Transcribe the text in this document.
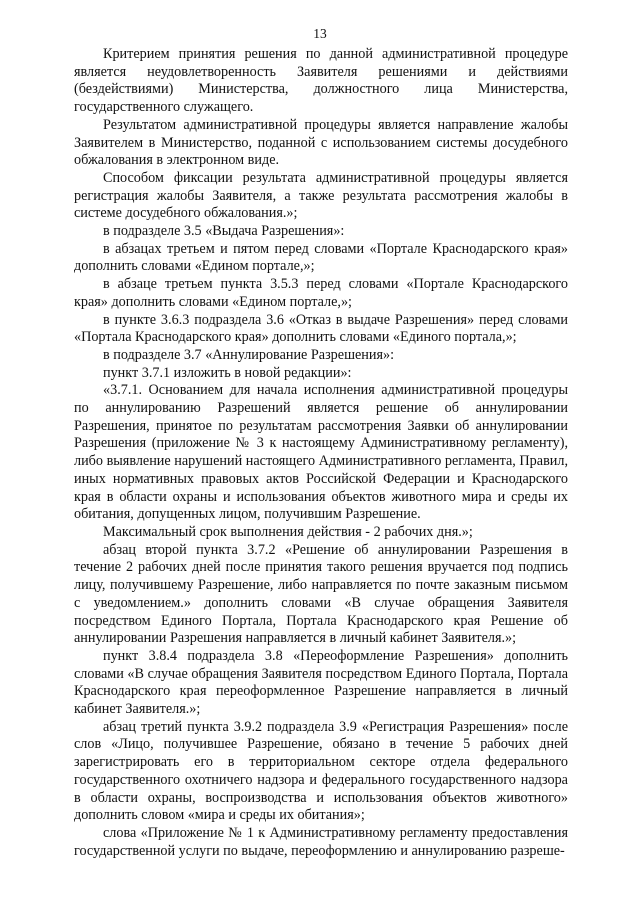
13

Критерием принятия решения по данной административной процедуре является неудовлетворенность Заявителя решениями и действиями (бездействиями) Министерства, должностного лица Министерства, государственного служащего.

Результатом административной процедуры является направление жалобы Заявителем в Министерство, поданной с использованием системы досудебного обжалования в электронном виде.

Способом фиксации результата административной процедуры является регистрация жалобы Заявителя, а также результата рассмотрения жалобы в системе досудебного обжалования.»;

в подразделе 3.5 «Выдача Разрешения»:

в абзацах третьем и пятом перед словами «Портале Краснодарского края» дополнить словами «Едином портале,»;

в абзаце третьем пункта 3.5.3 перед словами «Портале Краснодарского края» дополнить словами «Едином портале,»;

в пункте 3.6.3 подраздела 3.6 «Отказ в выдаче Разрешения» перед словами «Портала Краснодарского края» дополнить словами «Единого портала,»;

в подразделе 3.7 «Аннулирование Разрешения»:

пункт 3.7.1 изложить в новой редакции»:

«3.7.1. Основанием для начала исполнения административной процедуры по аннулированию Разрешений является решение об аннулировании Разрешения, принятое по результатам рассмотрения Заявки об аннулировании Разрешения (приложение № 3 к настоящему Административному регламенту), либо выявление нарушений настоящего Административного регламента, Правил, иных нормативных правовых актов Российской Федерации и Краснодарского края в области охраны и использования объектов животного мира и среды их обитания, допущенных лицом, получившим Разрешение.

Максимальный срок выполнения действия - 2 рабочих дня.»;

абзац второй пункта 3.7.2 «Решение об аннулировании Разрешения в течение 2 рабочих дней после принятия такого решения вручается под подпись лицу, получившему Разрешение, либо направляется по почте заказным письмом с уведомлением.» дополнить словами «В случае обращения Заявителя посредством Единого Портала, Портала Краснодарского края Решение об аннулировании Разрешения направляется в личный кабинет Заявителя.»;

пункт 3.8.4 подраздела 3.8 «Переоформление Разрешения» дополнить словами «В случае обращения Заявителя посредством Единого Портала, Портала Краснодарского края переоформленное Разрешение направляется в личный кабинет Заявителя.»;

абзац третий пункта 3.9.2 подраздела 3.9 «Регистрация Разрешения» после слов «Лицо, получившее Разрешение, обязано в течение 5 рабочих дней зарегистрировать его в территориальном секторе отдела федерального государственного охотничего надзора и федерального государственного надзора в области охраны, воспроизводства и использования объектов животного» дополнить словом «мира и среды их обитания»;

слова «Приложение № 1 к Административному регламенту предоставления государственной услуги по выдаче, переоформлению и аннулированию разреше-
